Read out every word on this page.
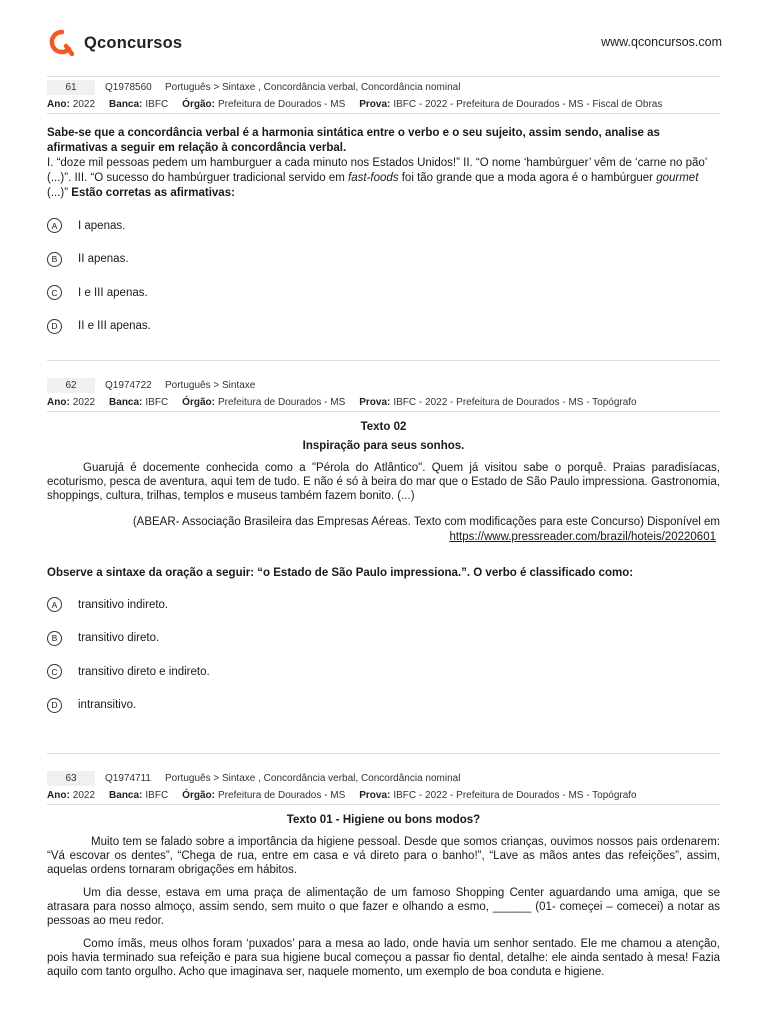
Qconcursos	www.qconcursos.com
61	Q1978560	Português > Sintaxe , Concordância verbal, Concordância nominal
Ano: 2022 Banca: IBFC Órgão: Prefeitura de Dourados - MS Prova: IBFC - 2022 - Prefeitura de Dourados - MS - Fiscal de Obras
Sabe-se que a concordância verbal é a harmonia sintática entre o verbo e o seu sujeito, assim sendo, analise as afirmativas a seguir em relação à concordância verbal.
I. “doze mil pessoas pedem um hamburguer a cada minuto nos Estados Unidos!” II. “O nome ‘hambúrguer’ vêm de ‘carne no pão’ (...)”. III. “O sucesso do hambúrguer tradicional servido em fast-foods foi tão grande que a moda agora é o hambúrguer gourmet (...)” Estão corretas as afirmativas:
A	I apenas.
B	II apenas.
C	I e III apenas.
D	II e III apenas.
62	Q1974722	Português > Sintaxe
Ano: 2022 Banca: IBFC Órgão: Prefeitura de Dourados - MS Prova: IBFC - 2022 - Prefeitura de Dourados - MS - Topógrafo
Texto 02
Inspiração para seus sonhos.
Guarujá é docemente conhecida como a "Pérola do Atlântico". Quem já visitou sabe o porquê. Praias paradisíacas, ecoturismo, pesca de aventura, aqui tem de tudo. E não é só à beira do mar que o Estado de São Paulo impressiona. Gastronomia, shoppings, cultura, trilhas, templos e museus também fazem bonito. (...)
(ABEAR- Associação Brasileira das Empresas Aéreas. Texto com modificações para este Concurso) Disponível em
https://www.pressreader.com/brazil/hoteis/20220601
Observe a sintaxe da oração a seguir: “o Estado de São Paulo impressiona.”. O verbo é classificado como:
A	transitivo indireto.
B	transitivo direto.
C	transitivo direto e indireto.
D	intransitivo.
63	Q1974711	Português > Sintaxe , Concordância verbal, Concordância nominal
Ano: 2022 Banca: IBFC Órgão: Prefeitura de Dourados - MS Prova: IBFC - 2022 - Prefeitura de Dourados - MS - Topógrafo
Texto 01 - Higiene ou bons modos?
Muito tem se falado sobre a importância da higiene pessoal. Desde que somos crianças, ouvimos nossos pais ordenarem: “Vá escovar os dentes”, “Chega de rua, entre em casa e vá direto para o banho!”, “Lave as mãos antes das refeições”, assim, aquelas ordens tornaram obrigações em hábitos.
Um dia desse, estava em uma praça de alimentação de um famoso Shopping Center aguardando uma amiga, que se atrasara para nosso almoço, assim sendo, sem muito o que fazer e olhando a esmo, ______ (01- começei – comecei) a notar as pessoas ao meu redor.
Como ímãs, meus olhos foram ‘puxados’ para a mesa ao lado, onde havia um senhor sentado. Ele me chamou a atenção, pois havia terminado sua refeição e para sua higiene bucal começou a passar fio dental, detalhe: ele ainda sentado à mesa! Fazia aquilo com tanto orgulho. Acho que imaginava ser, naquele momento, um exemplo de boa conduta e higiene.
